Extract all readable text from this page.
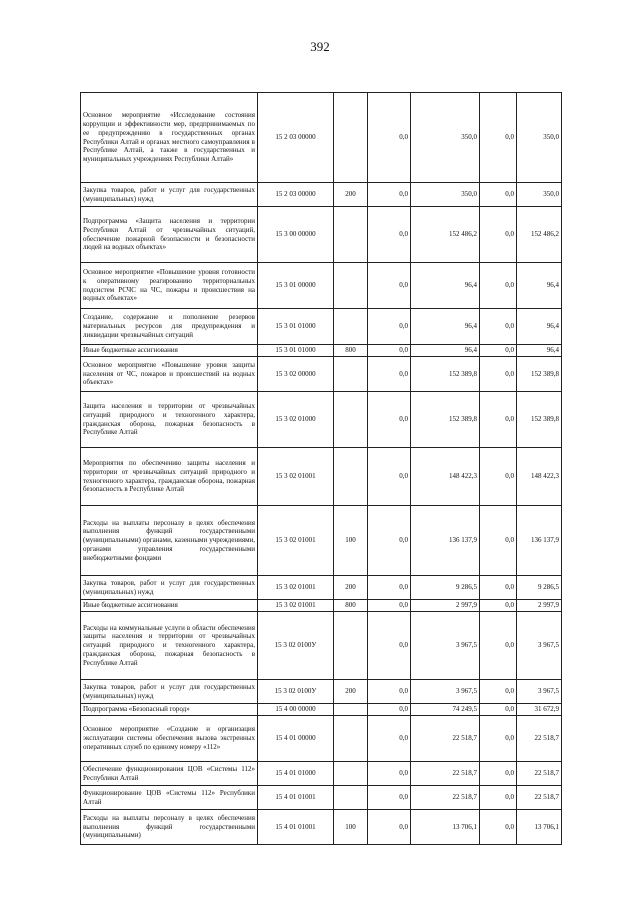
392
Основное мероприятие «Исследование состояния коррупции и эффективности мер, предпринимаемых по ее предупреждению в государственных органах Республики Алтай и органах местного самоуправления в Республике Алтай, а также в государственных и муниципальных учреждениях Республики Алтай»	15 2 03 00000		0,0	350,0	0,0	350,0
Закупка товаров, работ и услуг для государственных (муниципальных) нужд	15 2 03 00000	200	0,0	350,0	0,0	350,0
Подпрограмма «Защита населения и территории Республики Алтай от чрезвычайных ситуаций, обеспечение пожарной безопасности и безопасности людей на водных объектах»	15 3 00 00000		0,0	152 486,2	0,0	152 486,2
Основное мероприятие «Повышение уровня готовности к оперативному реагированию территориальных подсистем РСЧС на ЧС, пожары и происшествия на водных объектах»	15 3 01 00000		0,0	96,4	0,0	96,4
Создание, содержание и пополнение резервов материальных ресурсов для предупреждения и ликвидации чрезвычайных ситуаций	15 3 01 01000		0,0	96,4	0,0	96,4
Иные бюджетные ассигнования	15 3 01 01000	800	0,0	96,4	0,0	96,4
Основное мероприятие «Повышение уровня защиты населения от ЧС, пожаров и происшествий на водных объектах»	15 3 02 00000		0,0	152 389,8	0,0	152 389,8
Защита населения и территории от чрезвычайных ситуаций природного и техногенного характера, гражданская оборона, пожарная безопасность в Республике Алтай	15 3 02 01000		0,0	152 389,8	0,0	152 389,8
Мероприятия по обеспечению защиты населения и территории от чрезвычайных ситуаций природного и техногенного характера, гражданская оборона, пожарная безопасность в Республике Алтай	15 3 02 01001		0,0	148 422,3	0,0	148 422,3
Расходы на выплаты персоналу в целях обеспечения выполнения функций государственными (муниципальными) органами, казенными учреждениями, органами управления государственными внебюджетными фондами	15 3 02 01001	100	0,0	136 137,9	0,0	136 137,9
Закупка товаров, работ и услуг для государственных (муниципальных) нужд	15 3 02 01001	200	0,0	9 286,5	0,0	9 286,5
Иные бюджетные ассигнования	15 3 02 01001	800	0,0	2 997,9	0,0	2 997,9
Расходы на коммунальные услуги в области обеспечения защиты населения и территории от чрезвычайных ситуаций природного и техногенного характера, гражданская оборона, пожарная безопасность в Республике Алтай	15 3 02 0100У		0,0	3 967,5	0,0	3 967,5
Закупка товаров, работ и услуг для государственных (муниципальных) нужд	15 3 02 0100У	200	0,0	3 967,5	0,0	3 967,5
Подпрограмма «Безопасный город»	15 4 00 00000		0,0	74 249,5	0,0	31 672,9
Основное мероприятие «Создание и организация эксплуатации системы обеспечения вызова экстренных оперативных служб по единому номеру «112»	15 4 01 00000		0,0	22 518,7	0,0	22 518,7
Обеспечение функционирования ЦОВ «Системы 112» Республики Алтай	15 4 01 01000		0,0	22 518,7	0,0	22 518,7
Функционирование ЦОВ «Системы 112» Республики Алтай	15 4 01 01001		0,0	22 518,7	0,0	22 518,7
Расходы на выплаты персоналу в целях обеспечения выполнения функций государственными (муниципальными)	15 4 01 01001	100	0,0	13 706,1	0,0	13 706,1
